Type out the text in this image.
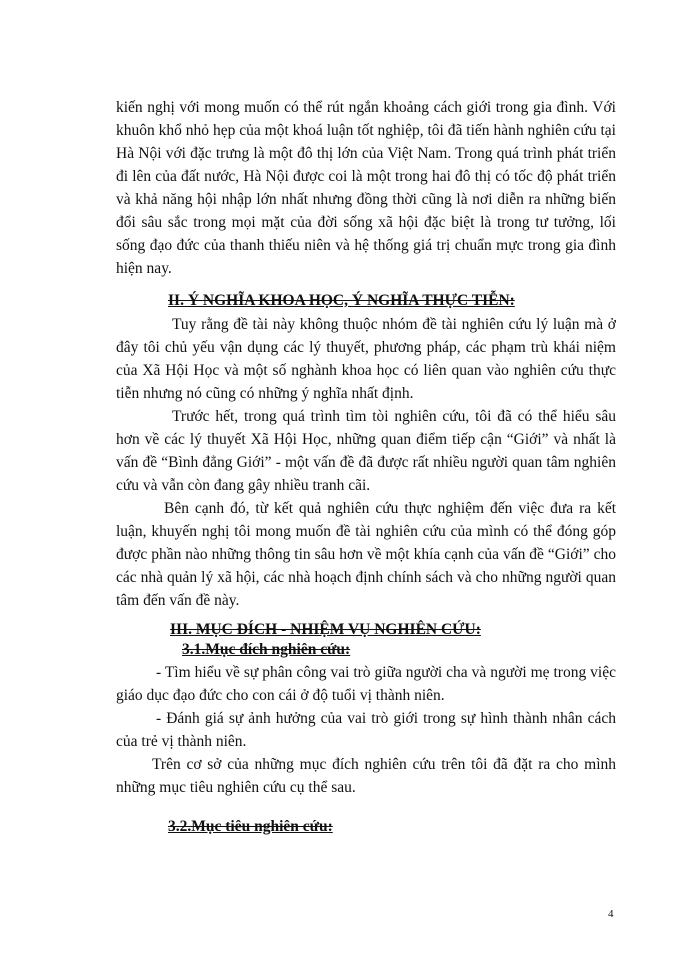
kiến nghị với mong muốn có thể rút ngắn khoảng cách giới trong gia đình. Với khuôn khổ nhỏ hẹp của một khoá luận tốt nghiệp, tôi đã tiến hành nghiên cứu tại Hà Nội với đặc trưng là một đô thị lớn của Việt Nam. Trong quá trình phát triển đi lên của đất nước, Hà Nội được coi là một trong hai đô thị có tốc độ phát triển và khả năng hội nhập lớn nhất nhưng đồng thời cũng là nơi diễn ra những biến đổi sâu sắc trong mọi mặt của đời sống xã hội đặc biệt là trong tư tưởng, lối sống đạo đức của thanh thiếu niên và hệ thống giá trị chuẩn mực trong gia đình hiện nay.

II. Ý NGHĨA KHOA HỌC, Ý NGHĨA THỰC TIỄN:

Tuy rằng đề tài này không thuộc nhóm đề tài nghiên cứu lý luận mà ở đây tôi chủ yếu vận dụng các lý thuyết, phương pháp, các phạm trù khái niệm của Xã Hội Học và một số nghành khoa học có liên quan vào nghiên cứu thực tiễn nhưng nó cũng có những ý nghĩa nhất định.

Trước hết, trong quá trình tìm tòi nghiên cứu, tôi đã có thể hiểu sâu hơn về các lý thuyết Xã Hội Học, những quan điểm tiếp cận “Giới” và nhất là vấn đề “Bình đẳng Giới” - một vấn đề đã được rất nhiều người quan tâm nghiên cứu và vẫn còn đang gây nhiều tranh cãi.

Bên cạnh đó, từ kết quả nghiên cứu thực nghiệm đến việc đưa ra kết luận, khuyến nghị tôi mong muốn đề tài nghiên cứu của mình có thể đóng góp được phần nào những thông tin sâu hơn về một khía cạnh của vấn đề “Giới” cho các nhà quản lý xã hội, các nhà hoạch định chính sách và cho những người quan tâm đến vấn đề này.

III. MỤC ĐÍCH - NHIỆM VỤ NGHIÊN CỨU:
3.1.Mục đích nghiên cứu:

- Tìm hiểu về sự phân công vai trò giữa người cha và người mẹ trong việc giáo dục đạo đức cho con cái ở độ tuổi vị thành niên.

- Đánh giá sự ảnh hưởng của vai trò giới trong sự hình thành nhân cách của trẻ vị thành niên.

Trên cơ sở của những mục đích nghiên cứu trên tôi đã đặt ra cho mình những mục tiêu nghiên cứu cụ thể sau.

3.2.Mục tiêu nghiên cứu:
4
